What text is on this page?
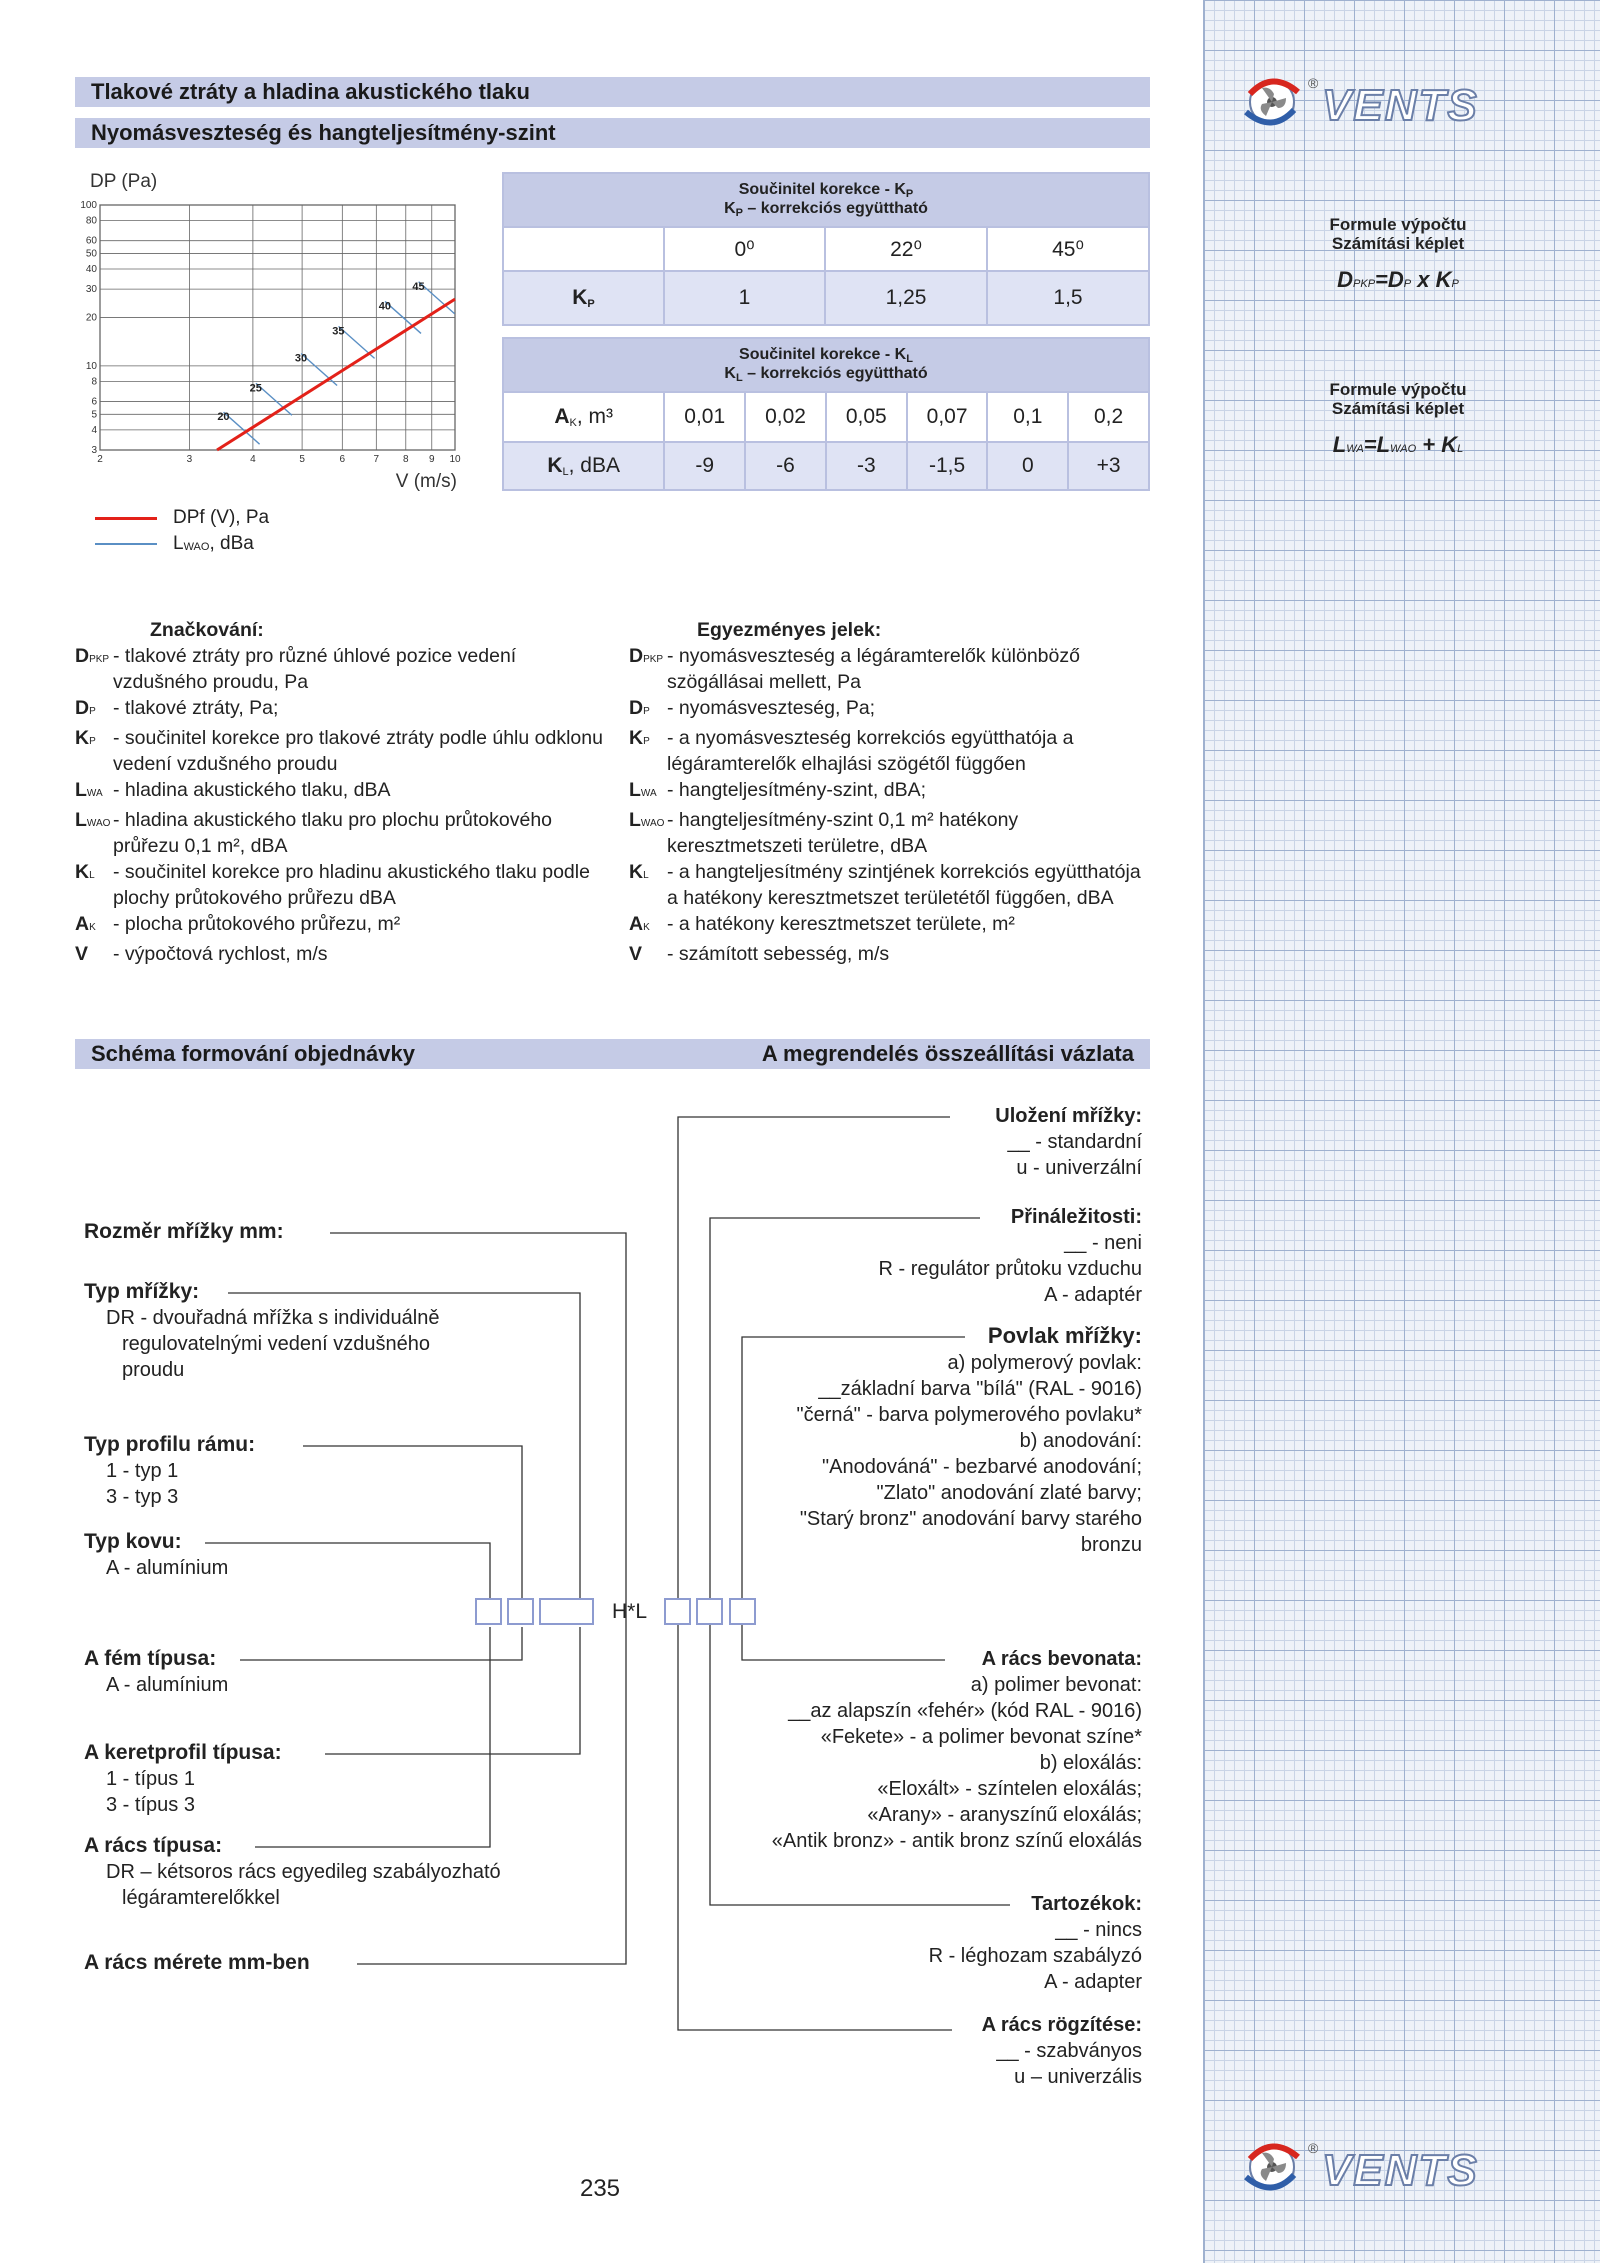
® VENTS
® VENTS
Formule výpočtu
Számítási képlet
DPKP=DP x KP
Formule výpočtu
Számítási képlet
LWA=LWAO + KL
Tlakové ztráty a hladina akustického tlaku
Nyomásveszteség és hangteljesítmény-szint
2	3	4	5	6	7 8 9 10
3
4
5
6
8
10
20
30
40
50
60
80
100
DP (Pa)
V (m/s)
20
25
30
35
40
45
DPf (V), Pa
L WAO , dBa
Součinitel korekce - $K_P$
$K_P$ – korrekciós együttható			

	0⁰	22⁰	45⁰
$K_P$	1	1,25	1,5
Součinitel korekce - $K_L$
$K_L$ – korrekciós együttható						

$A_K$, m³	0,01	0,02	0,05	0,07	0,1	0,2
$K_L$, dBA	-9	-6	-3	-1,5	0	+3
Značkování:
DPKP - tlakové ztráty pro různé úhlové pozice vedení vzdušného proudu, Pa
DP - tlakové ztráty, Pa;
KP - součinitel korekce pro tlakové ztráty podle úhlu odklonu vedení vzdušného proudu
LWA - hladina akustického tlaku, dBA
LWAO - hladina akustického tlaku pro plochu průtokového průřezu 0,1 m², dBA
KL - součinitel korekce pro hladinu akustického tlaku podle plochy průtokového průřezu dBA
AK - plocha průtokového průřezu, m²
V	- výpočtová rychlost, m/s
Egyezményes jelek:
DPKP - nyomásveszteség a légáramterelők különböző szögállásai mellett, Pa
DP - nyomásveszteség, Pa;
KP - a nyomásveszteség korrekciós együtthatója a légáramterelők elhajlási szögétől függően
LWA - hangteljesítmény-szint, dBA;
LWAO - hangteljesítmény-szint 0,1 m² hatékony keresztmetszeti területre, dBA
KL - a hangteljesítmény szintjének korrekciós együtthatója a hatékony keresztmetszet területétől függően, dBA
AK - a hatékony keresztmetszet területe, m²
V	- számított sebesség, m/s
Schéma formování objednávky	A megrendelés összeállítási vázlata
H*L
Rozměr mřížky mm:
Typ mřížky:
DR - dvouřadná mřížka s individuálně
regulovatelnými vedení vzdušného
proudu
Typ profilu rámu:
1 - typ 1
3 - typ 3
Typ kovu:
A - alumínium
A fém típusa:
A - alumínium
A keretprofil típusa:
1 - típus 1
3 - típus 3
A rács típusa:
DR – kétsoros rács egyedileg szabályozható
légáramterelőkkel
A rács mérete mm-ben
Uložení mřížky:
__ - standardní
u - univerzální
Přináležitosti:
__ - neni
R - regulátor průtoku vzduchu
A - adaptér
Povlak mřížky:
a) polymerový povlak:
__základní barva "bílá" (RAL - 9016)
"černá" - barva polymerového povlaku*
b) anodování:
"Anodováná" - bezbarvé anodování;
"Zlato" anodování zlaté barvy;
"Starý bronz" anodování barvy starého
bronzu
A rács bevonata:
a) polimer bevonat:
__az alapszín «fehér» (kód RAL - 9016)
«Fekete» - a polimer bevonat színe*
b) eloxálás:
«Eloxált» - színtelen eloxálás;
«Arany» - aranyszínű eloxálás;
«Antik bronz» - antik bronz színű eloxálás
Tartozékok:
__ - nincs
R - léghozam szabályzó
A - adapter
A rács rögzítése:
__ - szabványos
u – univerzális
235
